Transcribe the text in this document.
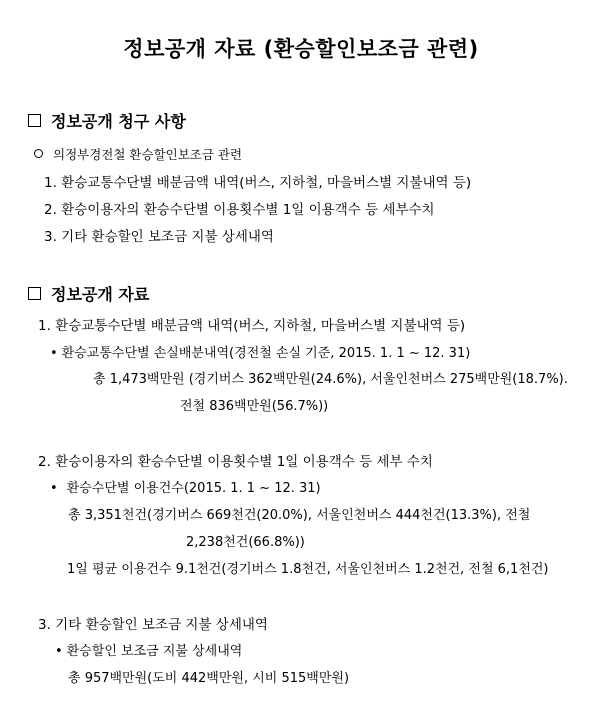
정보공개 자료 (환승할인보조금 관련)
정보공개 청구 사항
의정부경전철 환승할인보조금 관련
1. 환승교통수단별 배분금액 내역(버스, 지하철, 마을버스별 지불내역 등)
2. 환승이용자의 환승수단별 이용횟수별 1일 이용객수 등 세부수치
3. 기타 환승할인 보조금 지불 상세내역
정보공개 자료
1. 환승교통수단별 배분금액 내역(버스, 지하철, 마을버스별 지불내역 등)
• 환승교통수단별 손실배분내역(경전철 손실 기준, 2015. 1. 1 ~ 12. 31)
총 1,473백만원 (경기버스 362백만원(24.6%), 서울인천버스 275백만원(18.7%).
전철 836백만원(56.7%))
2. 환승이용자의 환승수단별 이용횟수별 1일 이용객수 등 세부 수치
• 환승수단별 이용건수(2015. 1. 1 ~ 12. 31)
총 3,351천건(경기버스 669천건(20.0%), 서울인천버스 444천건(13.3%), 전철
2,238천건(66.8%))
1일 평균 이용건수 9.1천건(경기버스 1.8천건, 서울인천버스 1.2천건, 전철 6,1천건)
3. 기타 환승할인 보조금 지불 상세내역
• 환승할인 보조금 지불 상세내역
총 957백만원(도비 442백만원, 시비 515백만원)
